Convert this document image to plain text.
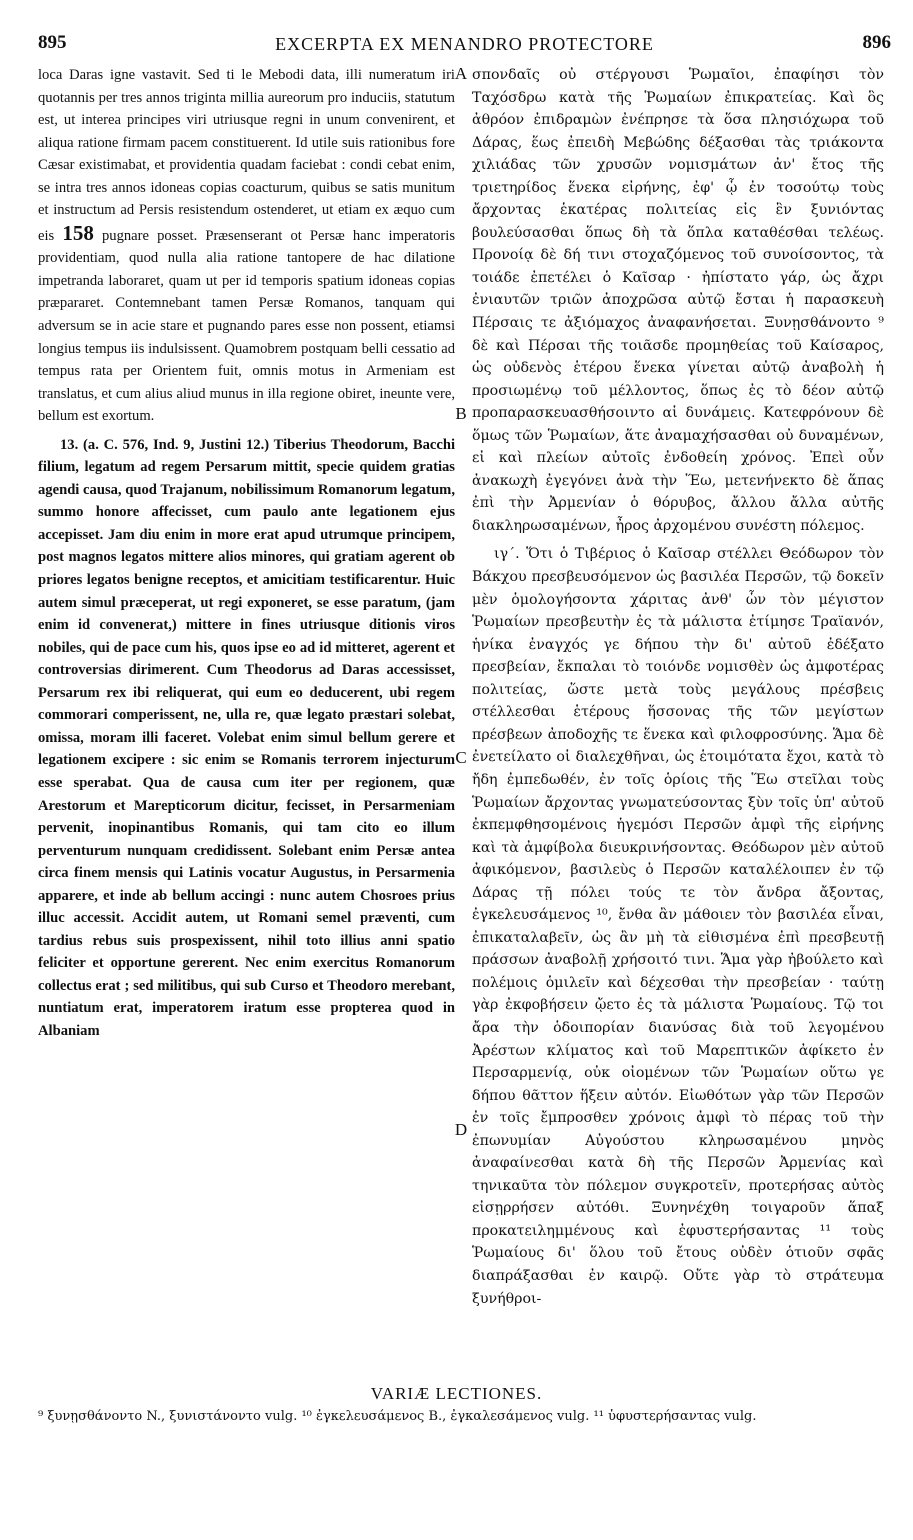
895	EXCERPTA EX MENANDRO PROTECTORE	896

loca Daras igne vastavit. Sed ti le Mebodi data, illi numeratum iri quotannis per tres annos triginta millia aureorum pro induciis, statutum est, ut interea principes viri utriusque regni in unum convenirent, et aliqua ratione firmam pacem constituerent. Id utile suis rationibus fore Cæsar existimabat, et providentia quadam faciebat : condi cebat enim, se intra tres annos idoneas copias coacturum, quibus se satis munitum et instructum ad Persis resistendum ostenderet, ut etiam ex æquo cum eis 158 pugnare posset. Præsenserant ot Persæ hanc imperatoris providentiam, quod nulla alia ratione tantopere de hac dilatione impetranda laboraret, quam ut per id temporis spatium idoneas copias præpararet. Contemnebant tamen Persæ Romanos, tanquam qui adversum se in acie stare et pugnando pares esse non possent, etiamsi longius tempus iis indulsissent. Quamobrem postquam belli cessatio ad tempus rata per Orientem fuit, omnis motus in Armeniam est translatus, et cum alius aliud munus in illa regione obiret, ineunte vere, bellum est exortum.

13. (a. C. 576, Ind. 9, Justini 12.) Tiberius Theodorum, Bacchi filium, legatum ad regem Persarum mittit, specie quidem gratias agendi causa, quod Trajanum, nobilissimum Romanorum legatum, summo honore affecisset, cum paulo ante legationem ejus accepisset. Jam diu enim in more erat apud utrumque principem, post magnos legatos mittere alios minores, qui gratiam agerent ob priores legatos benigne receptos, et amicitiam testificarentur. Huic autem simul præceperat, ut regi exponeret, se esse paratum, (jam enim id convenerat,) mittere in fines utriusque ditionis viros nobiles, qui de pace cum his, quos ipse eo ad id mitteret, agerent et controversias dirimerent. Cum Theodorus ad Daras accessisset, Persarum rex ibi reliquerat, qui eum eo deducerent, ubi regem commorari comperissent, ne, ulla re, quæ legato præstari solebat, omissa, moram illi faceret. Volebat enim simul bellum gerere et legationem excipere : sic enim se Romanis terrorem injecturum esse sperabat. Qua de causa cum iter per regionem, quæ Arestorum et Marepticorum dicitur, fecisset, in Persarmeniam pervenit, inopinantibus Romanis, qui tam cito eo illum perventurum nunquam credidissent. Solebant enim Persæ antea circa finem mensis qui Latinis vocatur Augustus, in Persarmenia apparere, et inde ab bellum accingi : nunc autem Chosroes prius illuc accessit. Accidit autem, ut Romani semel præventi, cum tardius rebus suis prospexissent, nihil toto illius anni spatio feliciter et opportune gererent. Nec enim exercitus Romanorum collectus erat ; sed militibus, qui sub Curso et Theodoro merebant, nuntiatum erat, imperatorem iratum esse propterea quod in Albaniam

A
B
C
D

σπονδαῖς οὐ στέργουσι Ῥωμαῖοι, ἐπαφίησι τὸν Ταχόσδρω κατὰ τῆς Ῥωμαίων ἐπικρατείας. Καὶ ὃς ἀθρόον ἐπιδραμὼν ἐνέπρησε τὰ ὅσα πλησιόχωρα τοῦ Δάρας, ἕως ἐπειδὴ Μεβώδης δέξασθαι τὰς τριάκοντα χιλιάδας τῶν χρυσῶν νομισμάτων ἀν' ἔτος τῆς τριετηρίδος ἕνεκα εἰρήνης, ἐφ' ᾧ ἐν τοσούτῳ τοὺς ἄρχοντας ἑκατέρας πολιτείας εἰς ἓν ξυνιόντας βουλεύσασθαι ὅπως δὴ τὰ ὅπλα καταθέσθαι τελέως. Προνοίᾳ δὲ δή τινι στοχαζόμενος τοῦ συνοίσοντος, τὰ τοιάδε ἐπετέλει ὁ Καῖσαρ · ἠπίστατο γάρ, ὡς ἄχρι ἐνιαυτῶν τριῶν ἀποχρῶσα αὐτῷ ἔσται ἡ παρασκευὴ Πέρσαις τε ἀξιόμαχος ἀναφανήσεται. Ξυνῃσθάνοντο ⁹ δὲ καὶ Πέρσαι τῆς τοιᾶσδε προμηθείας τοῦ Καίσαρος, ὡς οὐδενὸς ἑτέρου ἕνεκα γίνεται αὐτῷ ἀναβολὴ ἡ προσιωμένῳ τοῦ μέλλοντος, ὅπως ἐς τὸ δέον αὐτῷ προπαρασκευασθήσοιντο αἱ δυνάμεις. Κατεφρόνουν δὲ ὅμως τῶν Ῥωμαίων, ἅτε ἀναμαχήσασθαι οὐ δυναμένων, εἰ καὶ πλείων αὐτοῖς ἐνδοθείη χρόνος. Ἐπεὶ οὖν ἀνακωχὴ ἐγεγόνει ἀνὰ τὴν Ἕω, μετενήνεκτο δὲ ἅπας ἐπὶ τὴν Ἀρμενίαν ὁ θόρυβος, ἄλλου ἄλλα αὐτῆς διακληρωσαμένων, ἦρος ἀρχομένου συνέστη πόλεμος.

ιγ΄. Ὅτι ὁ Τιβέριος ὁ Καῖσαρ στέλλει Θεόδωρον τὸν Βάκχου πρεσβευσόμενον ὡς βασιλέα Περσῶν, τῷ δοκεῖν μὲν ὁμολογήσοντα χάριτας ἀνθ' ὧν τὸν μέγιστον Ῥωμαίων πρεσβευτὴν ἐς τὰ μάλιστα ἐτίμησε Τραϊανόν, ἡνίκα ἐναγχός γε δήπου τὴν δι' αὐτοῦ ἐδέξατο πρεσβείαν, ἔκπαλαι τὸ τοιόνδε νομισθὲν ὡς ἀμφοτέρας πολιτείας, ὥστε μετὰ τοὺς μεγάλους πρέσβεις στέλλεσθαι ἑτέρους ἥσσονας τῆς τῶν μεγίστων πρέσβεων ἀποδοχῆς τε ἕνεκα καὶ φιλοφροσύνης. Ἅμα δὲ ἐνετείλατο οἱ διαλεχθῆναι, ὡς ἑτοιμότατα ἔχοι, κατὰ τὸ ἤδη ἐμπεδωθέν, ἐν τοῖς ὁρίοις τῆς Ἕω στεῖλαι τοὺς Ῥωμαίων ἄρχοντας γνωματεύσοντας ξὺν τοῖς ὑπ' αὐτοῦ ἐκπεμφθησομένοις ἡγεμόσι Περσῶν ἀμφὶ τῆς εἰρήνης καὶ τὰ ἀμφίβολα διευκρινήσοντας. Θεόδωρον μὲν αὐτοῦ ἀφικόμενον, βασιλεὺς ὁ Περσῶν καταλέλοιπεν ἐν τῷ Δάρας τῇ πόλει τούς τε τὸν ἄνδρα ἄξοντας, ἐγκελευσάμενος ¹⁰, ἔνθα ἂν μάθοιεν τὸν βασιλέα εἶναι, ἐπικαταλαβεῖν, ὡς ἂν μὴ τὰ εἰθισμένα ἐπὶ πρεσβευτῇ πράσσων ἀναβολῇ χρήσοιτό τινι. Ἅμα γὰρ ἠβούλετο καὶ πολέμοις ὁμιλεῖν καὶ δέχεσθαι τὴν πρεσβείαν · ταύτῃ γὰρ ἐκφοβήσειν ᾤετο ἐς τὰ μάλιστα Ῥωμαίους. Τῷ τοι ἄρα τὴν ὁδοιπορίαν διανύσας διὰ τοῦ λεγομένου Ἀρέστων κλίματος καὶ τοῦ Μαρεπτικῶν ἀφίκετο ἐν Περσαρμενίᾳ, οὐκ οἰομένων τῶν Ῥωμαίων οὕτω γε δήπου θᾶττον ἥξειν αὐτόν. Εἰωθότων γὰρ τῶν Περσῶν ἐν τοῖς ἔμπροσθεν χρόνοις ἀμφὶ τὸ πέρας τοῦ τὴν ἐπωνυμίαν Αὐγούστου κληρωσαμένου μηνὸς ἀναφαίνεσθαι κατὰ δὴ τῆς Περσῶν Ἀρμενίας καὶ τηνικαῦτα τὸν πόλεμον συγκροτεῖν, προτερήσας αὐτὸς εἰσῃρρήσεν αὐτόθι. Ξυνηνέχθη τοιγαροῦν ἅπαξ προκατειλημμένους καὶ ἐφυστερήσαντας ¹¹ τοὺς Ῥωμαίους δι' ὅλου τοῦ ἔτους οὐδὲν ὁτιοῦν σφᾶς διαπράξασθαι ἐν καιρῷ. Οὔτε γὰρ τὸ στράτευμα ξυνήθροι-

VARIÆ LECTIONES.
⁹ ξυνῃσθάνοντο N., ξυνιστάνοντο vulg. ¹⁰ ἐγκελευσάμενος B., ἐγκαλεσάμενος vulg. ¹¹ ὑφυστερήσαντας vulg.
